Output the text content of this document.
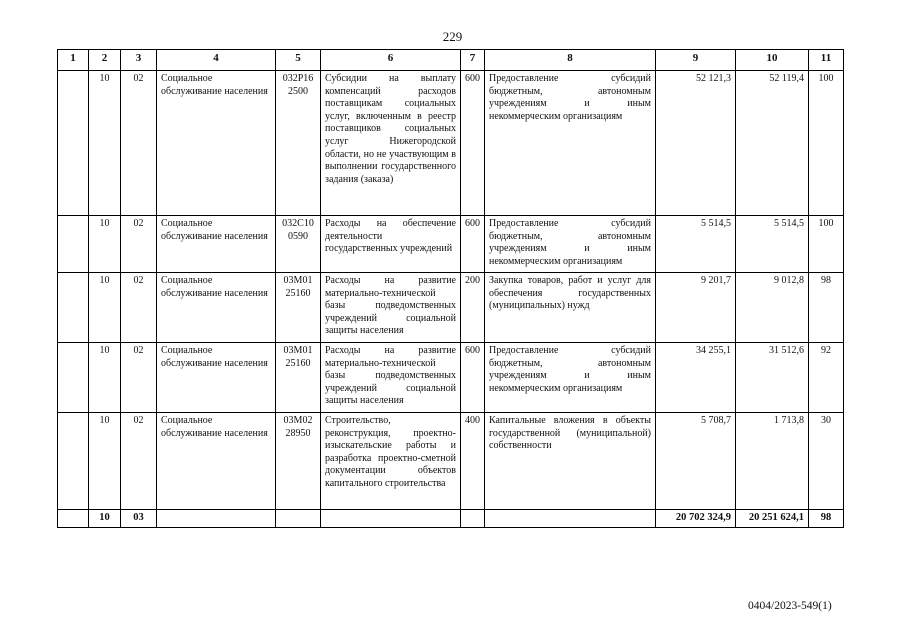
229
1	2	3	4	5	6	7	8	9	10	11
	10	02	Социальное обслуживание населения	032P16 2500	Субсидии на выплату компенсаций расходов поставщикам социальных услуг, включенным в реестр поставщиков социальных услуг Нижегородской области, но не участвующим в выполнении государственного задания (заказа)	600	Предоставление субсидий бюджетным, автономным учреждениям и иным некоммерческим организациям	52 121,3	52 119,4	100
	10	02	Социальное обслуживание населения	032C10 0590	Расходы на обеспечение деятельности государственных учреждений	600	Предоставление субсидий бюджетным, автономным учреждениям и иным некоммерческим организациям	5 514,5	5 514,5	100
	10	02	Социальное обслуживание населения	03М01 25160	Расходы на развитие материально-технической базы подведомственных учреждений социальной защиты населения	200	Закупка товаров, работ и услуг для обеспечения государственных (муниципальных) нужд	9 201,7	9 012,8	98
	10	02	Социальное обслуживание населения	03М01 25160	Расходы на развитие материально-технической базы подведомственных учреждений социальной защиты населения	600	Предоставление субсидий бюджетным, автономным учреждениям и иным некоммерческим организациям	34 255,1	31 512,6	92
	10	02	Социальное обслуживание населения	03М02 28950	Строительство, реконструкция, проектно-изыскательские работы и разработка проектно-сметной документации объектов капитального строительства	400	Капитальные вложения в объекты государственной (муниципальной) собственности	5 708,7	1 713,8	30
	10	03						20 702 324,9	20 251 624,1	98
0404/2023-549(1)
